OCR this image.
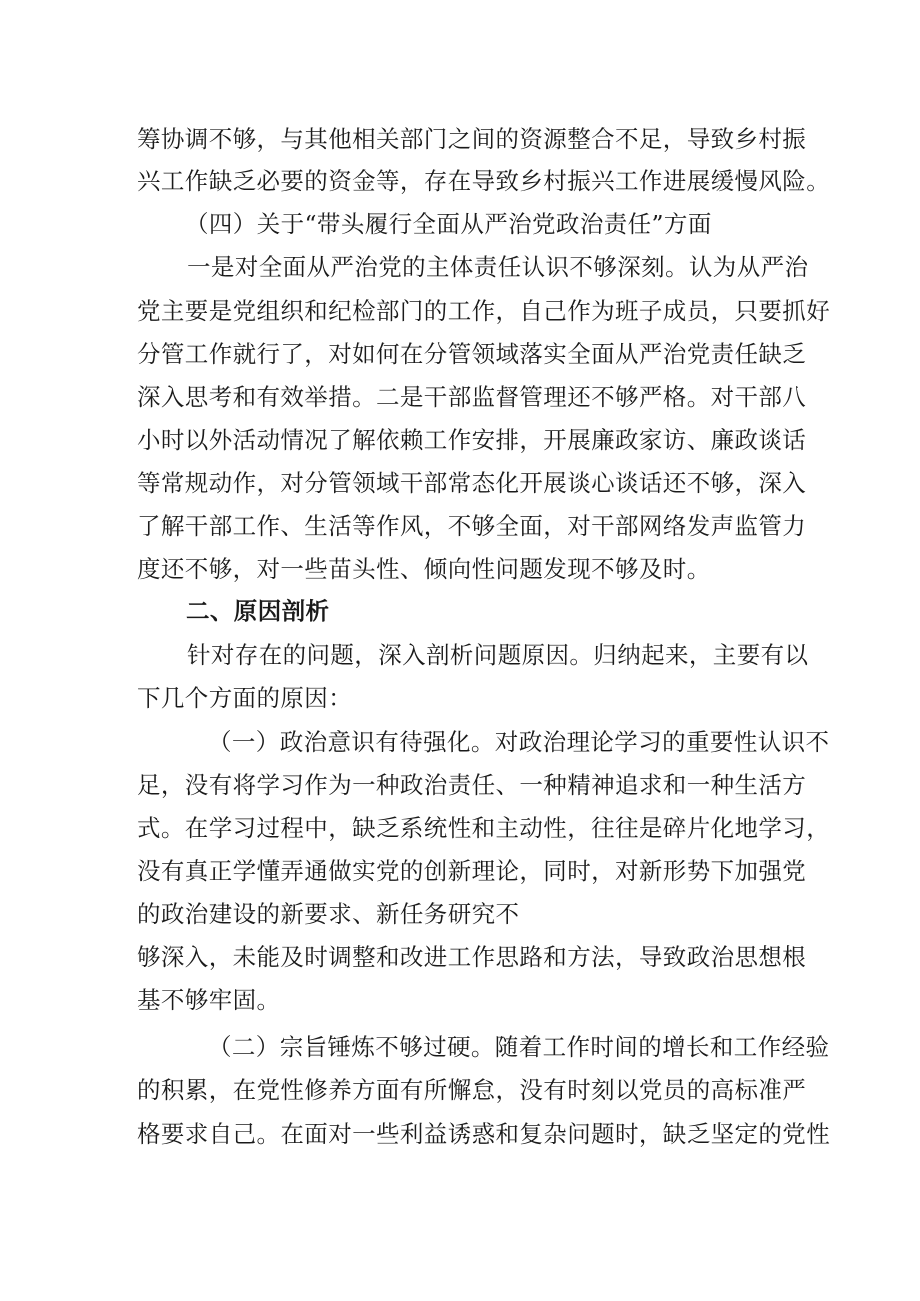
筹协调不够，与其他相关部门之间的资源整合不足，导致乡村振
兴工作缺乏必要的资金等，存在导致乡村振兴工作进展缓慢风险。
（四）关于“带头履行全面从严治党政治责任”方面
一是对全面从严治党的主体责任认识不够深刻。认为从严治
党主要是党组织和纪检部门的工作，自己作为班子成员，只要抓好
分管工作就行了，对如何在分管领域落实全面从严治党责任缺乏
深入思考和有效举措。二是干部监督管理还不够严格。对干部八
小时以外活动情况了解依赖工作安排，开展廉政家访、廉政谈话
等常规动作，对分管领域干部常态化开展谈心谈话还不够，深入
了解干部工作、生活等作风，不够全面，对干部网络发声监管力
度还不够，对一些苗头性、倾向性问题发现不够及时。
二、原因剖析
针对存在的问题，深入剖析问题原因。归纳起来，主要有以
下几个方面的原因：
（一）政治意识有待强化。对政治理论学习的重要性认识不
足，没有将学习作为一种政治责任、一种精神追求和一种生活方
式。在学习过程中，缺乏系统性和主动性，往往是碎片化地学习，
没有真正学懂弄通做实党的创新理论，同时，对新形势下加强党
的政治建设的新要求、新任务研究不
够深入，未能及时调整和改进工作思路和方法，导致政治思想根
基不够牢固。
（二）宗旨锤炼不够过硬。随着工作时间的增长和工作经验
的积累，在党性修养方面有所懈怠，没有时刻以党员的高标准严
格要求自己。在面对一些利益诱惑和复杂问题时，缺乏坚定的党性
